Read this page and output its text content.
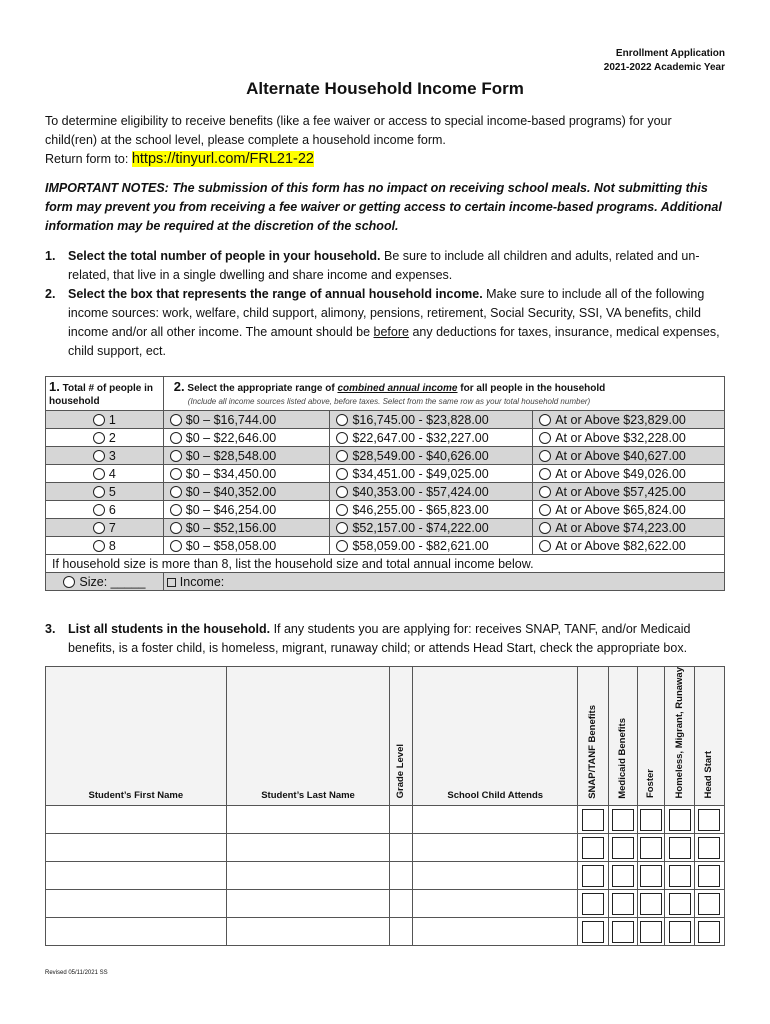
Enrollment Application
2021-2022 Academic Year
Alternate Household Income Form
To determine eligibility to receive benefits (like a fee waiver or access to special income-based programs) for your child(ren) at the school level, please complete a household income form.
Return form to: https://tinyurl.com/FRL21-22
IMPORTANT NOTES: The submission of this form has no impact on receiving school meals. Not submitting this form may prevent you from receiving a fee waiver or getting access to certain income-based programs. Additional information may be required at the discretion of the school.
1. Select the total number of people in your household. Be sure to include all children and adults, related and un-related, that live in a single dwelling and share income and expenses.
2. Select the box that represents the range of annual household income. Make sure to include all of the following income sources: work, welfare, child support, alimony, pensions, retirement, Social Security, SSI, VA benefits, child income and/or all other income. The amount should be before any deductions for taxes, insurance, medical expenses, child support, ect.
1. Total # of people in household	2. Select the appropriate range of combined annual income for all people in the household
(Include all income sources listed above, before taxes. Select from the same row as your total household number)		
1	$0 – $16,744.00	$16,745.00 - $23,828.00	At or Above $23,829.00
2	$0 – $22,646.00	$22,647.00 - $32,227.00	At or Above $32,228.00
3	$0 – $28,548.00	$28,549.00 - $40,626.00	At or Above $40,627.00
4	$0 – $34,450.00	$34,451.00 - $49,025.00	At or Above $49,026.00
5	$0 – $40,352.00	$40,353.00 - $57,424.00	At or Above $57,425.00
6	$0 – $46,254.00	$46,255.00 - $65,823.00	At or Above $65,824.00
7	$0 – $52,156.00	$52,157.00 - $74,222.00	At or Above $74,223.00
8	$0 – $58,058.00	$58,059.00 - $82,621.00	At or Above $82,622.00
If household size is more than 8, list the household size and total annual income below.			
Size: _____	Income:		
3. List all students in the household. If any students you are applying for: receives SNAP, TANF, and/or Medicaid benefits, is a foster child, is homeless, migrant, runaway child; or attends Head Start, check the appropriate box.
Student’s First Name	Student’s Last Name	Grade Level	School Child Attends	SNAP/TANF Benefits	Medicaid Benefits	Foster	Homeless, Migrant, Runaway	Head Start

Revised 05/11/2021 SS
